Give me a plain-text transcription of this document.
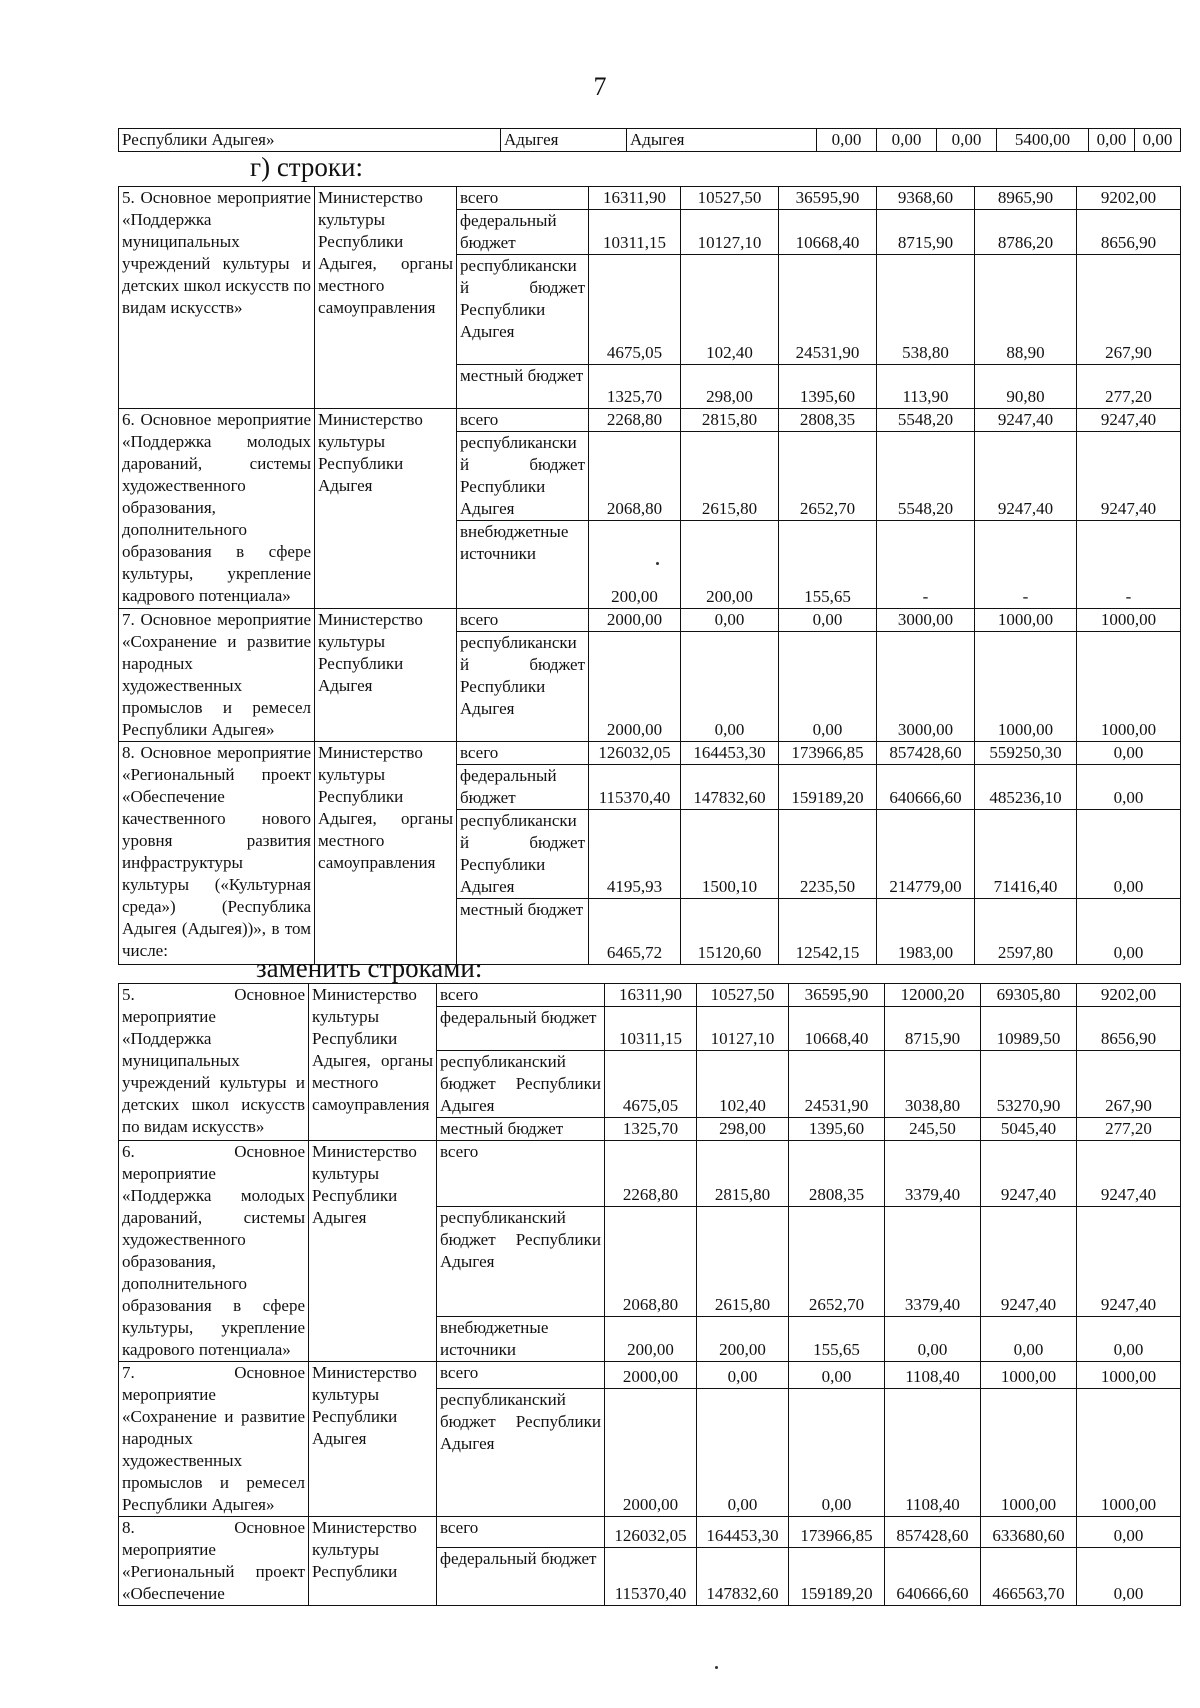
7
Республики Адыгея»	Адыгея	Адыгея	0,00	0,00	0,00	5400,00	0,00	0,00
г) строки:
5. Основное мероприятие «Поддержка муниципальных учреждений культуры и детских школ искусств по видам искусств»	Министерство культуры Республики Адыгея, органы местного самоуправления	всего	16311,90	10527,50	36595,90	9368,60	8965,90	9202,00
		федеральный бюджет	10311,15	10127,10	10668,40	8715,90	8786,20	8656,90
		республиканский бюджет Республики Адыгея	4675,05	102,40	24531,90	538,80	88,90	267,90
		местный бюджет	1325,70	298,00	1395,60	113,90	90,80	277,20
6. Основное мероприятие «Поддержка молодых дарований, системы художественного образования, дополнительного образования в сфере культуры, укрепление кадрового потенциала»	Министерство культуры Республики Адыгея	всего	2268,80	2815,80	2808,35	5548,20	9247,40	9247,40
		республиканский бюджет Республики Адыгея	2068,80	2615,80	2652,70	5548,20	9247,40	9247,40
		внебюджетные источники	200,00	200,00	155,65	-	-	-
7. Основное мероприятие «Сохранение и развитие народных художественных промыслов и ремесел Республики Адыгея»	Министерство культуры Республики Адыгея	всего	2000,00	0,00	0,00	3000,00	1000,00	1000,00
		республиканский бюджет Республики Адыгея	2000,00	0,00	0,00	3000,00	1000,00	1000,00
8. Основное мероприятие «Региональный проект «Обеспечение качественного нового уровня развития инфраструктуры культуры («Культурная среда») (Республика Адыгея (Адыгея))», в том числе:	Министерство культуры Республики Адыгея, органы местного самоуправления	всего	126032,05	164453,30	173966,85	857428,60	559250,30	0,00
		федеральный бюджет	115370,40	147832,60	159189,20	640666,60	485236,10	0,00
		республиканский бюджет Республики Адыгея	4195,93	1500,10	2235,50	214779,00	71416,40	0,00
		местный бюджет	6465,72	15120,60	12542,15	1983,00	2597,80	0,00
заменить строками:
5. Основное мероприятие «Поддержка муниципальных учреждений культуры и детских школ искусств по видам искусств»	Министерство культуры Республики Адыгея, органы местного самоуправления	всего	16311,90	10527,50	36595,90	12000,20	69305,80	9202,00
		федеральный бюджет	10311,15	10127,10	10668,40	8715,90	10989,50	8656,90
		республиканский бюджет Республики Адыгея	4675,05	102,40	24531,90	3038,80	53270,90	267,90
		местный бюджет	1325,70	298,00	1395,60	245,50	5045,40	277,20
6. Основное мероприятие «Поддержка молодых дарований, системы художественного образования, дополнительного образования в сфере культуры, укрепление кадрового потенциала»	Министерство культуры Республики Адыгея	всего	2268,80	2815,80	2808,35	3379,40	9247,40	9247,40
		республиканский бюджет Республики Адыгея	2068,80	2615,80	2652,70	3379,40	9247,40	9247,40
		внебюджетные источники	200,00	200,00	155,65	0,00	0,00	0,00
7. Основное мероприятие «Сохранение и развитие народных художественных промыслов и ремесел Республики Адыгея»	Министерство культуры Республики Адыгея	всего	2000,00	0,00	0,00	1108,40	1000,00	1000,00
		республиканский бюджет Республики Адыгея	2000,00	0,00	0,00	1108,40	1000,00	1000,00
8. Основное мероприятие «Региональный проект «Обеспечение	Министерство культуры Республики	всего	126032,05	164453,30	173966,85	857428,60	633680,60	0,00
		федеральный бюджет	115370,40	147832,60	159189,20	640666,60	466563,70	0,00
